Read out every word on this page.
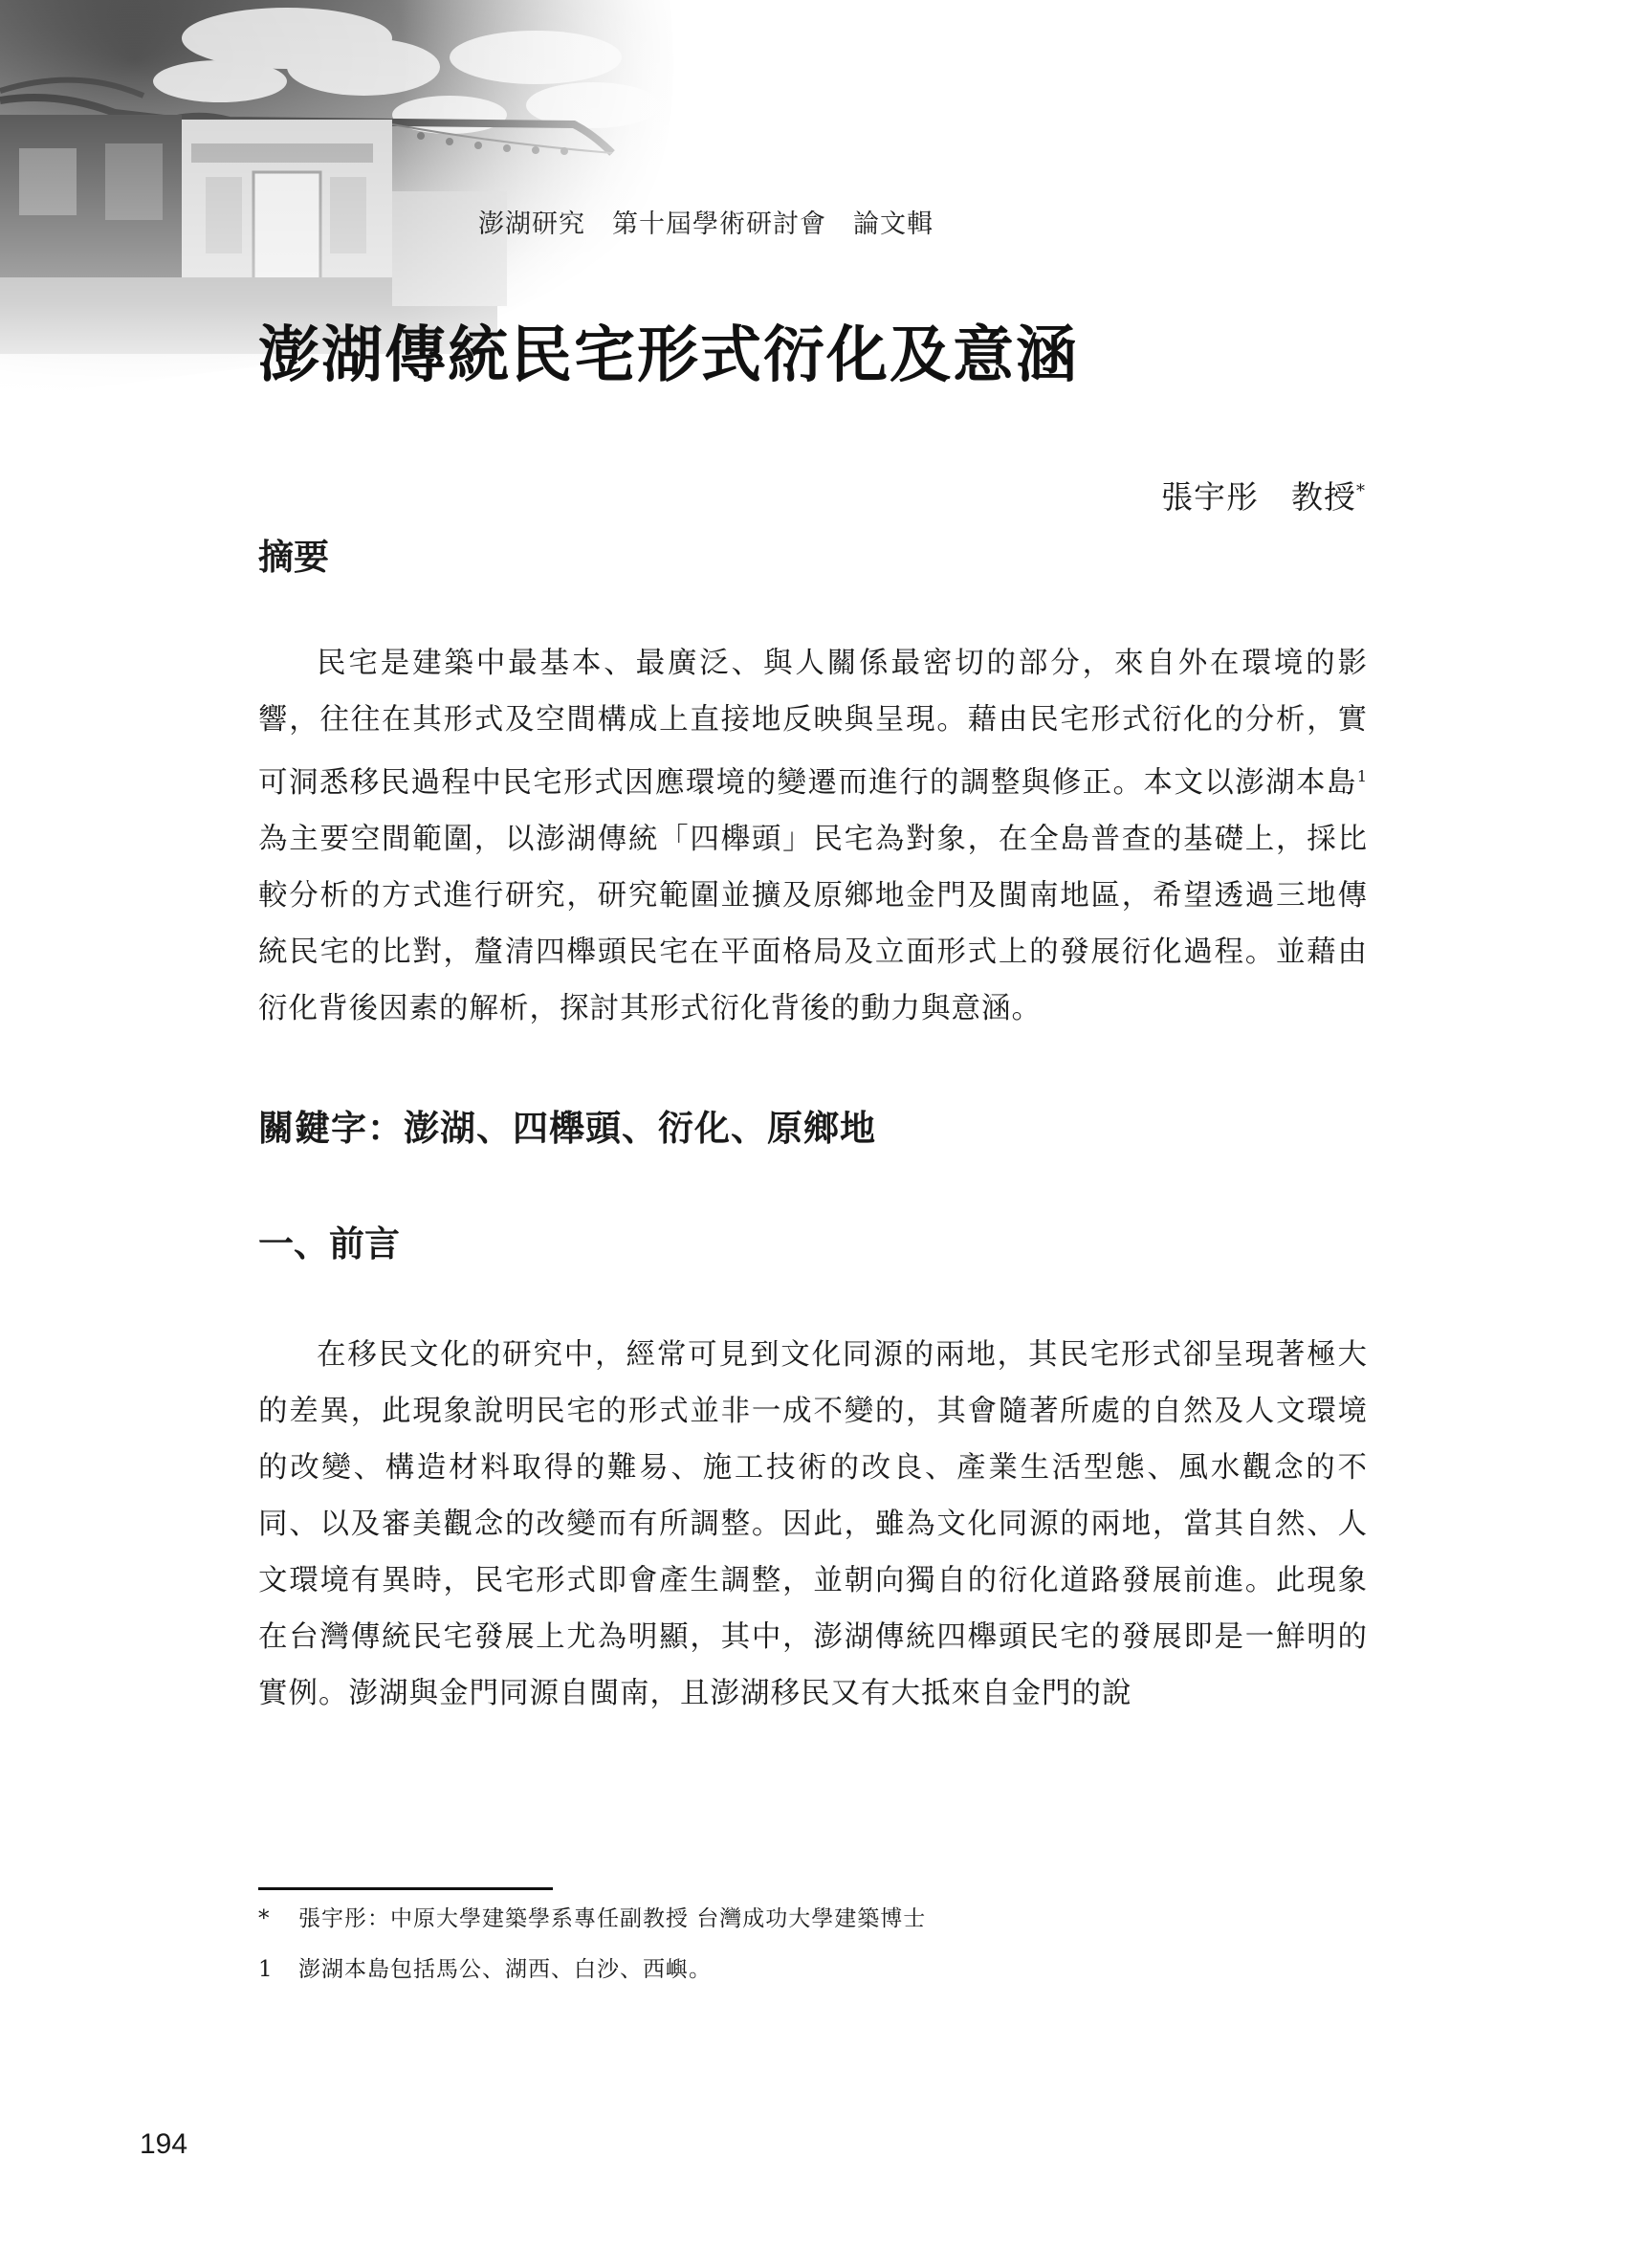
澎湖研究　第十屆學術研討會　論文輯
澎湖傳統民宅形式衍化及意涵
張宇彤　教授*
摘要

民宅是建築中最基本、最廣泛、與人關係最密切的部分，來自外在環境的影響，往往在其形式及空間構成上直接地反映與呈現。藉由民宅形式衍化的分析，實可洞悉移民過程中民宅形式因應環境的變遷而進行的調整與修正。本文以澎湖本島$^1$為主要空間範圍，以澎湖傳統「四櫸頭」民宅為對象，在全島普查的基礎上，採比較分析的方式進行研究，研究範圍並擴及原鄉地金門及閩南地區，希望透過三地傳統民宅的比對，釐清四櫸頭民宅在平面格局及立面形式上的發展衍化過程。並藉由衍化背後因素的解析，探討其形式衍化背後的動力與意涵。

關鍵字：澎湖、四櫸頭、衍化、原鄉地
一、前言

在移民文化的研究中，經常可見到文化同源的兩地，其民宅形式卻呈現著極大的差異，此現象說明民宅的形式並非一成不變的，其會隨著所處的自然及人文環境的改變、構造材料取得的難易、施工技術的改良、產業生活型態、風水觀念的不同、以及審美觀念的改變而有所調整。因此，雖為文化同源的兩地，當其自然、人文環境有異時，民宅形式即會產生調整，並朝向獨自的衍化道路發展前進。此現象在台灣傳統民宅發展上尤為明顯，其中，澎湖傳統四櫸頭民宅的發展即是一鮮明的實例。澎湖與金門同源自閩南，且澎湖移民又有大抵來自金門的說

* 張宇彤：中原大學建築學系專任副教授 台灣成功大學建築博士
1 澎湖本島包括馬公、湖西、白沙、西嶼。
194
